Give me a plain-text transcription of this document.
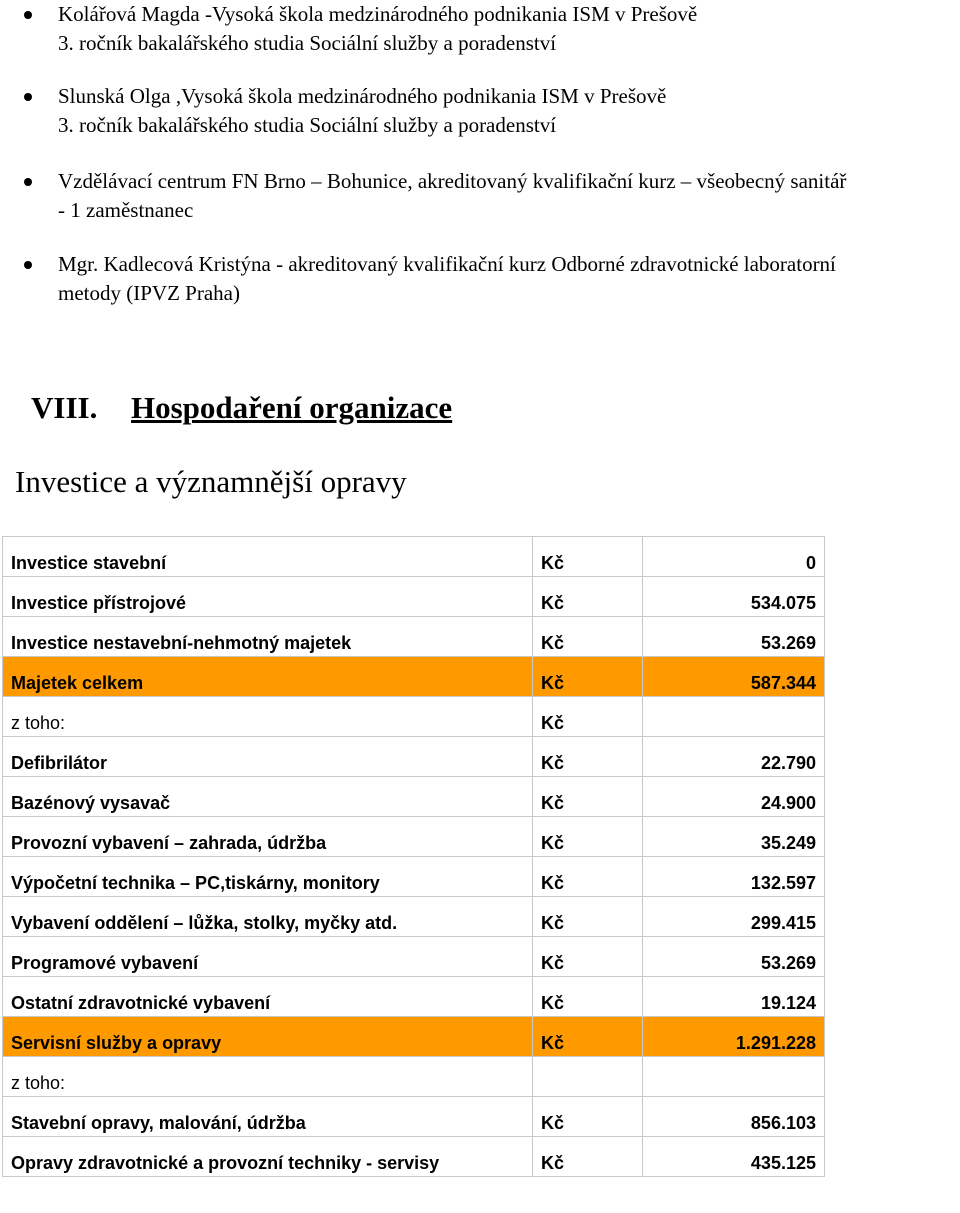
Kolářová Magda -Vysoká škola medzinárodného podnikania ISM v Prešově
3. ročník bakalářského studia Sociální služby a poradenství
Slunská Olga ,Vysoká škola medzinárodného podnikania ISM v Prešově
3. ročník bakalářského studia Sociální služby a poradenství
Vzdělávací centrum FN Brno – Bohunice, akreditovaný kvalifikační kurz – všeobecný sanitář
- 1 zaměstnanec
Mgr. Kadlecová Kristýna - akreditovaný kvalifikační kurz Odborné zdravotnické laboratorní
metody (IPVZ Praha)
VIII. Hospodaření organizace
Investice a významnější opravy
Investice stavební	Kč	0
Investice přístrojové	Kč	534.075
Investice nestavební-nehmotný majetek	Kč	53.269
Majetek celkem	Kč	587.344
z toho:	Kč	
Defibrilátor	Kč	22.790
Bazénový vysavač	Kč	24.900
Provozní vybavení – zahrada, údržba	Kč	35.249
Výpočetní technika – PC,tiskárny, monitory	Kč	132.597
Vybavení oddělení – lůžka, stolky, myčky atd.	Kč	299.415
Programové vybavení	Kč	53.269
Ostatní zdravotnické vybavení	Kč	19.124
Servisní služby a opravy	Kč	1.291.228
z toho:		
Stavební opravy, malování, údržba	Kč	856.103
Opravy zdravotnické a provozní techniky - servisy	Kč	435.125
